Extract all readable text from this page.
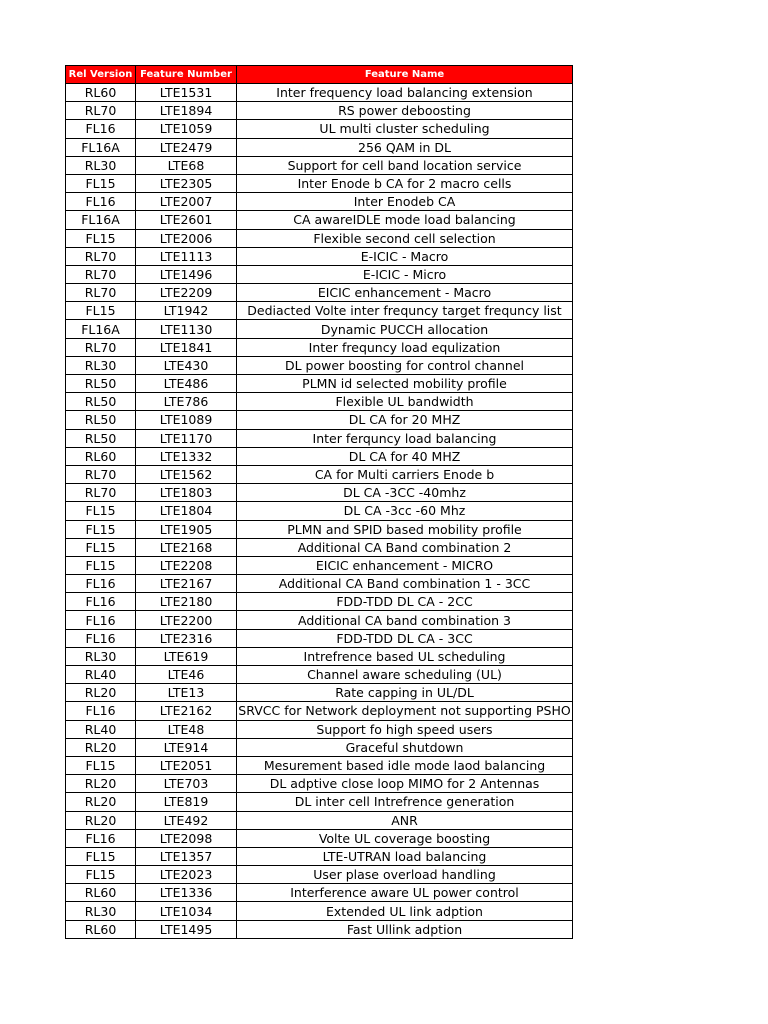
Rel Version	Feature Number	Feature Name
RL60	LTE1531	Inter frequency load balancing extension
RL70	LTE1894	RS power deboosting
FL16	LTE1059	UL multi cluster scheduling
FL16A	LTE2479	256 QAM in DL
RL30	LTE68	Support for cell band location service
FL15	LTE2305	Inter Enode b CA for 2 macro cells
FL16	LTE2007	Inter Enodeb CA
FL16A	LTE2601	CA awareIDLE mode load balancing
FL15	LTE2006	Flexible second cell selection
RL70	LTE1113	E-ICIC - Macro
RL70	LTE1496	E-ICIC - Micro
RL70	LTE2209	EICIC enhancement - Macro
FL15	LT1942	Dediacted Volte inter frequncy target frequncy list
FL16A	LTE1130	Dynamic PUCCH allocation
RL70	LTE1841	Inter frequncy load equlization
RL30	LTE430	DL power boosting for control channel
RL50	LTE486	PLMN id selected mobility profile
RL50	LTE786	Flexible UL bandwidth
RL50	LTE1089	DL CA for 20 MHZ
RL50	LTE1170	Inter ferquncy load balancing
RL60	LTE1332	DL CA for 40 MHZ
RL70	LTE1562	CA for Multi carriers Enode b
RL70	LTE1803	DL CA -3CC -40mhz
FL15	LTE1804	DL CA -3cc -60 Mhz
FL15	LTE1905	PLMN and SPID based mobility profile
FL15	LTE2168	Additional CA Band combination 2
FL15	LTE2208	EICIC enhancement - MICRO
FL16	LTE2167	Additional CA Band combination 1 - 3CC
FL16	LTE2180	FDD-TDD DL CA - 2CC
FL16	LTE2200	Additional CA band combination 3
FL16	LTE2316	FDD-TDD DL CA - 3CC
RL30	LTE619	Intrefrence based UL scheduling
RL40	LTE46	Channel aware scheduling (UL)
RL20	LTE13	Rate capping in UL/DL
FL16	LTE2162	SRVCC for Network deployment not supporting PSHO
RL40	LTE48	Support fo high speed users
RL20	LTE914	Graceful shutdown
FL15	LTE2051	Mesurement based idle mode laod balancing
RL20	LTE703	DL adptive close loop MIMO for 2 Antennas
RL20	LTE819	DL inter cell Intrefrence generation
RL20	LTE492	ANR
FL16	LTE2098	Volte UL coverage boosting
FL15	LTE1357	LTE-UTRAN load balancing
FL15	LTE2023	User plase overload handling
RL60	LTE1336	Interference aware UL power control
RL30	LTE1034	Extended UL link adption
RL60	LTE1495	Fast Ullink adption
